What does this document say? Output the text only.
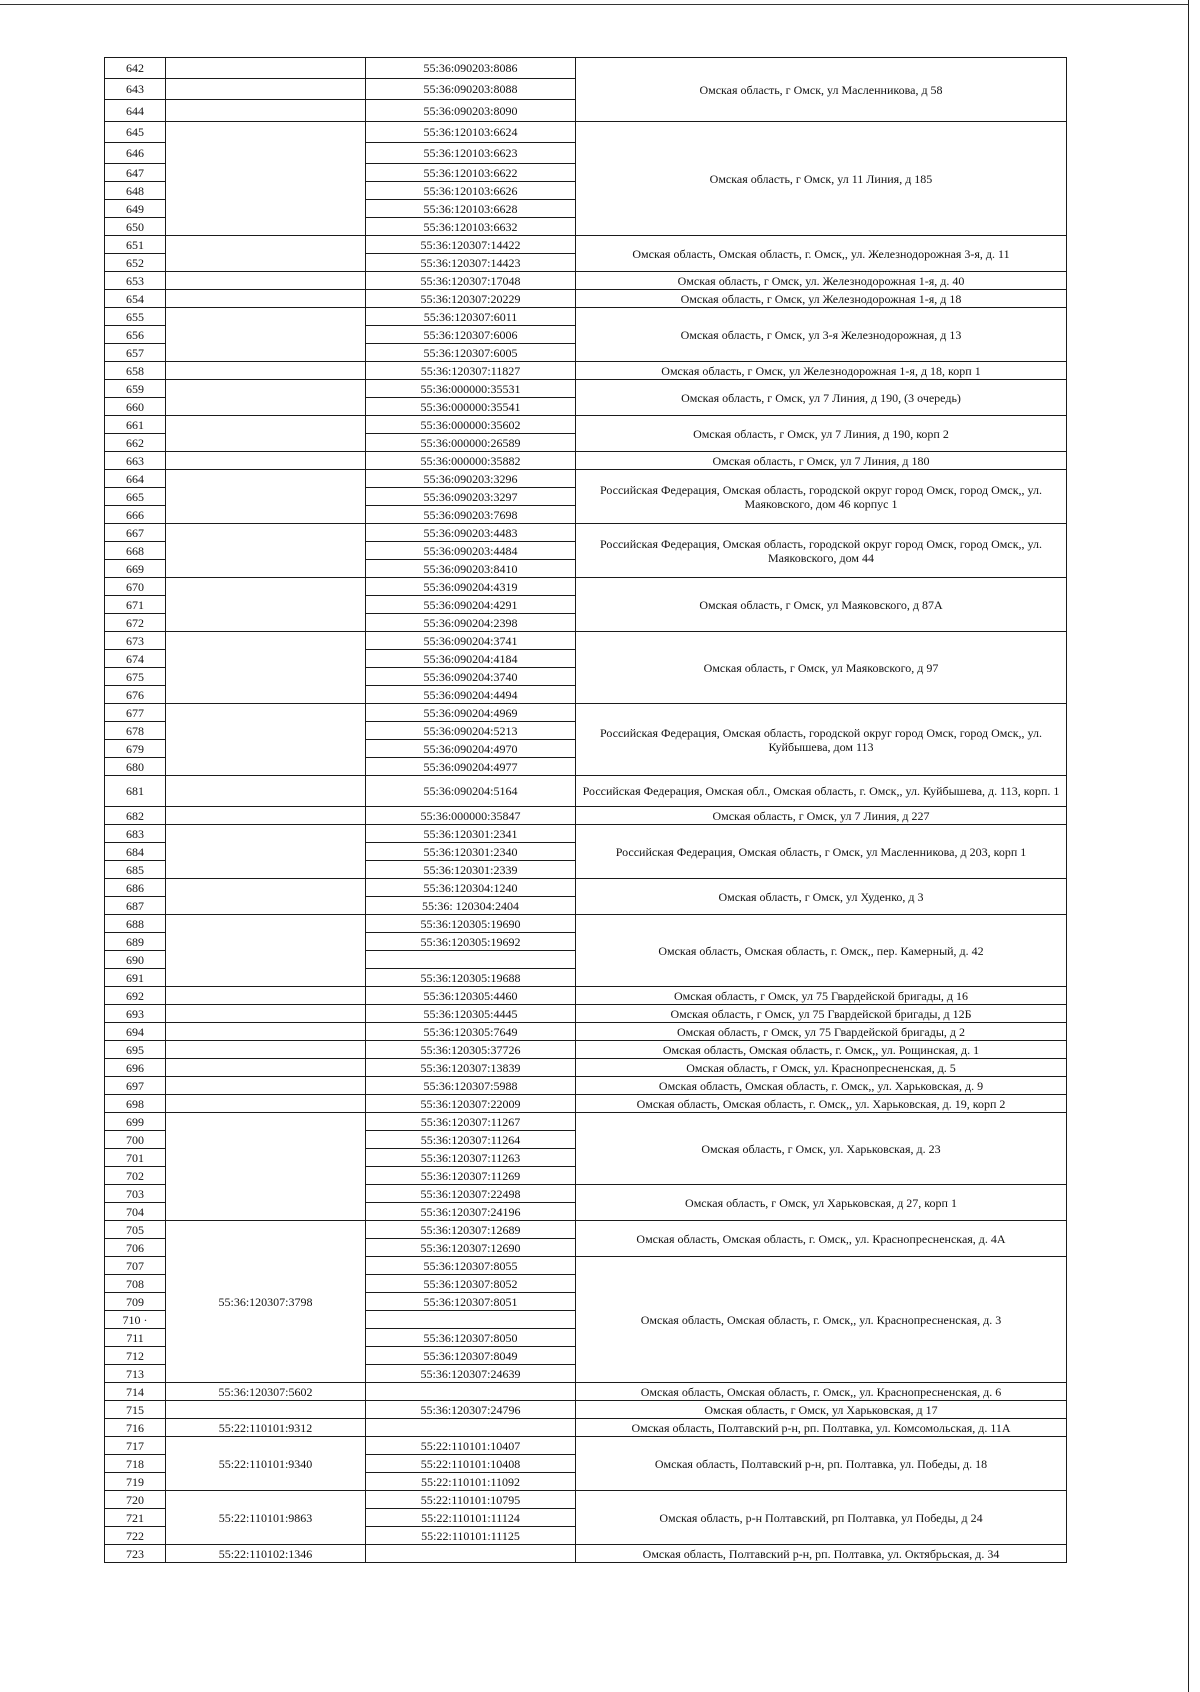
642		55:36:090203:8086	Омская область, г Омск, ул Масленникова, д 58
643		55:36:090203:8088	
644		55:36:090203:8090	
645		55:36:120103:6624	Омская область, г Омск, ул 11 Линия, д 185
646		55:36:120103:6623	
647		55:36:120103:6622	
648		55:36:120103:6626	
649		55:36:120103:6628	
650		55:36:120103:6632	
651		55:36:120307:14422	Омская область, Омская область, г. Омск,, ул. Железнодорожная 3-я, д. 11
652		55:36:120307:14423	
653		55:36:120307:17048	Омская область, г Омск, ул. Железнодорожная 1-я, д. 40
654		55:36:120307:20229	Омская область, г Омск, ул Железнодорожная 1-я, д 18
655		55:36:120307:6011	Омская область, г Омск, ул 3-я Железнодорожная, д 13
656		55:36:120307:6006	
657		55:36:120307:6005	
658		55:36:120307:11827	Омская область, г Омск, ул Железнодорожная 1-я, д 18, корп 1
659		55:36:000000:35531	Омская область, г Омск, ул 7 Линия, д 190, (3 очередь)
660		55:36:000000:35541	
661		55:36:000000:35602	Омская область, г Омск, ул 7 Линия, д 190, корп 2
662		55:36:000000:26589	
663		55:36:000000:35882	Омская область, г Омск, ул 7 Линия, д 180
664		55:36:090203:3296	Российская Федерация, Омская область, городской округ город Омск, город Омск,, ул. Маяковского, дом 46 корпус 1
665		55:36:090203:3297	
666		55:36:090203:7698	
667		55:36:090203:4483	Российская Федерация, Омская область, городской округ город Омск, город Омск,, ул. Маяковского, дом 44
668		55:36:090203:4484	
669		55:36:090203:8410	
670		55:36:090204:4319	Омская область, г Омск, ул Маяковского, д 87А
671		55:36:090204:4291	
672		55:36:090204:2398	
673		55:36:090204:3741	Омская область, г Омск, ул Маяковского, д 97
674		55:36:090204:4184	
675		55:36:090204:3740	
676		55:36:090204:4494	
677		55:36:090204:4969	Российская Федерация, Омская область, городской округ город Омск, город Омск,, ул. Куйбышева, дом 113
678		55:36:090204:5213	
679		55:36:090204:4970	
680		55:36:090204:4977	
681		55:36:090204:5164	Российская Федерация, Омская обл., Омская область, г. Омск,, ул. Куйбышева, д. 113, корп. 1
682		55:36:000000:35847	Омская область, г Омск, ул 7 Линия, д 227
683		55:36:120301:2341	Российская Федерация, Омская область, г Омск, ул Масленникова, д 203, корп 1
684		55:36:120301:2340	
685		55:36:120301:2339	
686		55:36:120304:1240	Омская область, г Омск, ул Худенко, д 3
687		55:36: 120304:2404	
688		55:36:120305:19690	Омская область, Омская область, г. Омск,, пер. Камерный, д. 42
689		55:36:120305:19692	
690			
691		55:36:120305:19688	
692		55:36:120305:4460	Омская область, г Омск, ул 75 Гвардейской бригады, д 16
693		55:36:120305:4445	Омская область, г Омск, ул 75 Гвардейской бригады, д 12Б
694		55:36:120305:7649	Омская область, г Омск, ул 75 Гвардейской бригады, д 2
695		55:36:120305:37726	Омская область, Омская область, г. Омск,, ул. Рощинская, д. 1
696		55:36:120307:13839	Омская область, г Омск, ул. Краснопресненская, д. 5
697		55:36:120307:5988	Омская область, Омская область, г. Омск,, ул. Харьковская, д. 9
698		55:36:120307:22009	Омская область, Омская область, г. Омск,, ул. Харьковская, д. 19, корп 2
699		55:36:120307:11267	Омская область, г Омск, ул. Харьковская, д. 23
700		55:36:120307:11264	
701		55:36:120307:11263	
702		55:36:120307:11269	
703		55:36:120307:22498	Омская область, г Омск, ул Харьковская, д 27, корп 1
704		55:36:120307:24196	
705	55:36:120307:3798	55:36:120307:12689	Омская область, Омская область, г. Омск,, ул. Краснопресненская, д. 4А
706		55:36:120307:12690	
707		55:36:120307:8055	Омская область, Омская область, г. Омск,, ул. Краснопресненская, д. 3
708		55:36:120307:8052	
709		55:36:120307:8051	
710 ·			
711		55:36:120307:8050	
712		55:36:120307:8049	
713		55:36:120307:24639	
714	55:36:120307:5602		Омская область, Омская область, г. Омск,, ул. Краснопресненская, д. 6
715		55:36:120307:24796	Омская область, г Омск, ул Харьковская, д 17
716	55:22:110101:9312		Омская область, Полтавский р-н, рп. Полтавка, ул. Комсомольская, д. 11А
717	55:22:110101:9340	55:22:110101:10407	Омская область, Полтавский р-н, рп. Полтавка, ул. Победы, д. 18
718		55:22:110101:10408	
719		55:22:110101:11092	
720	55:22:110101:9863	55:22:110101:10795	Омская область, р-н Полтавский, рп Полтавка, ул Победы, д 24
721		55:22:110101:11124	
722		55:22:110101:11125	
723	55:22:110102:1346		Омская область, Полтавский р-н, рп. Полтавка, ул. Октябрьская, д. 34
